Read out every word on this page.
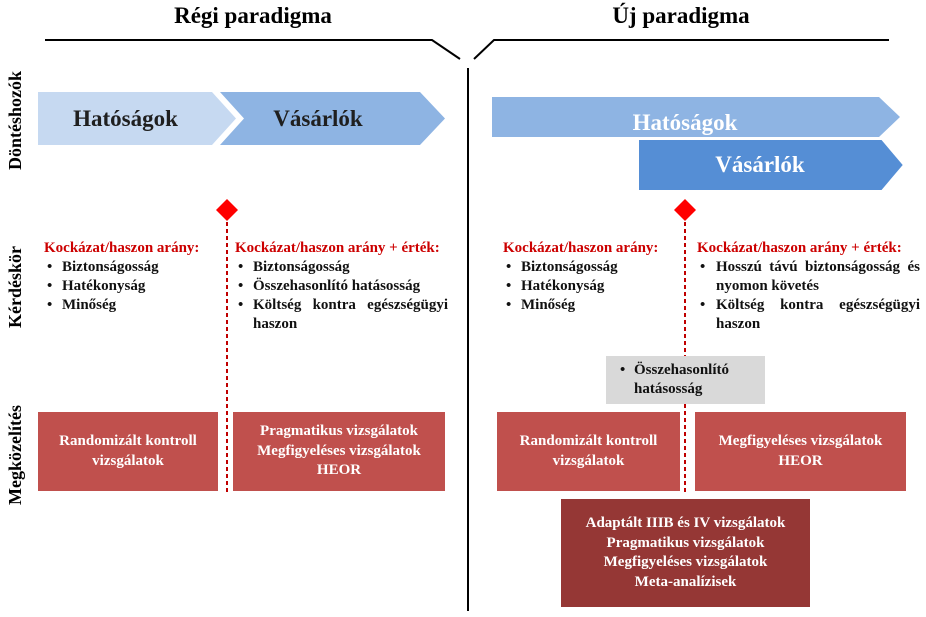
Régi paradigma	Új paradigma
Döntéshozók
Kérdéskör
Megközelítés
Hatóságok	Vásárlók	Hatóságok
Vásárlók
Kockázat/haszon arány:
• Biztonságosság
• Hatékonyság
• Minőség
Kockázat/haszon arány + érték:
• Biztonságosság
• Összehasonlító hatásosság
• Költség kontra egészségügyi haszon
Kockázat/haszon arány:
• Biztonságosság
• Hatékonyság
• Minőség
Kockázat/haszon arány + érték:
• Hosszú távú biztonságosság és nyomon követés
• Költség kontra egészségügyi haszon
• Összehasonlító hatásosság
Randomizált kontroll
vizsgálatok
Pragmatikus vizsgálatok
Megfigyeléses vizsgálatok
HEOR
Randomizált kontroll
vizsgálatok
Megfigyeléses vizsgálatok
HEOR
Adaptált IIIB és IV vizsgálatok
Pragmatikus vizsgálatok
Megfigyeléses vizsgálatok
Meta-analízisek
